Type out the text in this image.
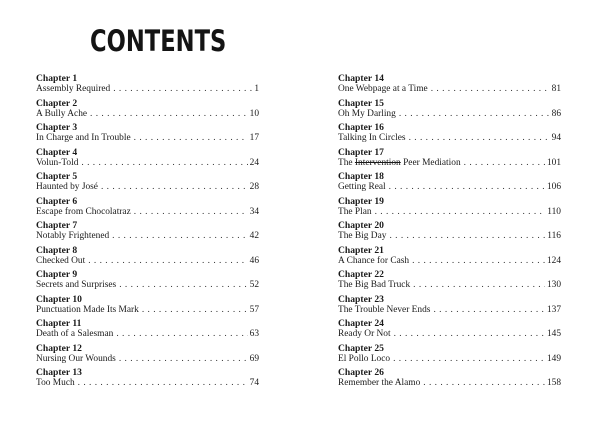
CONTENTS
Chapter 1
Assembly Required . . .	1
Chapter 2
A Bully Ache . . .	10
Chapter 3
In Charge and In Trouble . . .	17
Chapter 4
Volun-Told . . .	24
Chapter 5
Haunted by José . . .	28
Chapter 6
Escape from Chocolatraz . . .	34
Chapter 7
Notably Frightened . . .	42
Chapter 8
Checked Out . . .	46
Chapter 9
Secrets and Surprises . . .	52
Chapter 10
Punctuation Made Its Mark . . .	57
Chapter 11
Death of a Salesman . . .	63
Chapter 12
Nursing Our Wounds . . .	69
Chapter 13
Too Much . . .	74
Chapter 14
One Webpage at a Time . . .	81
Chapter 15
Oh My Darling . . .	86
Chapter 16
Talking In Circles . . .	94
Chapter 17
The Intervention Peer Mediation . . .	101
Chapter 18
Getting Real . . .	106
Chapter 19
The Plan . . .	110
Chapter 20
The Big Day . . .	116
Chapter 21
A Chance for Cash . . .	124
Chapter 22
The Big Bad Truck . . .	130
Chapter 23
The Trouble Never Ends . . .	137
Chapter 24
Ready Or Not . . .	145
Chapter 25
El Pollo Loco . . .	149
Chapter 26
Remember the Alamo . . .	158
